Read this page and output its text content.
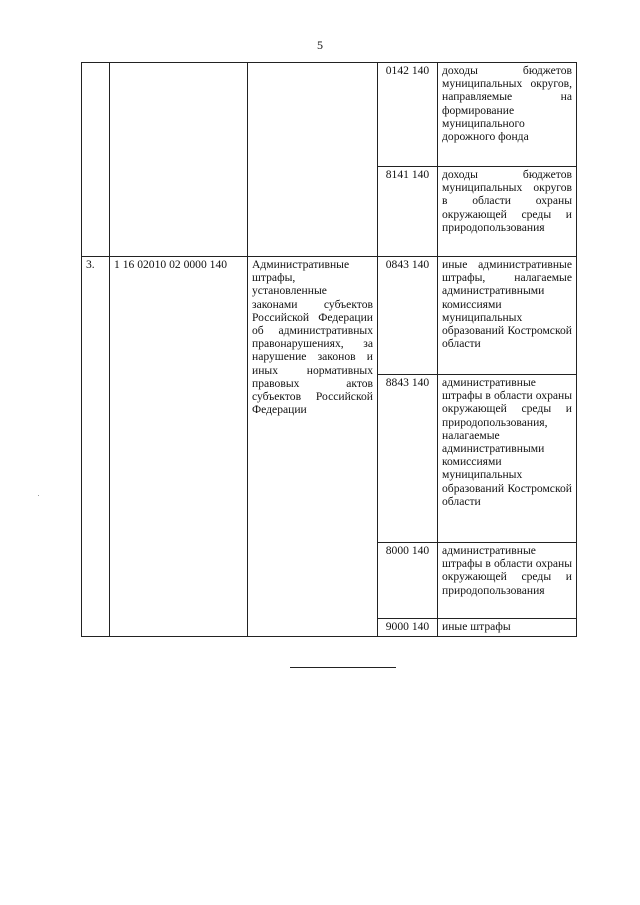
5
			0142 140	доходы бюджетов муниципальных округов, направляемые на формирование муниципального дорожного фонда
			8141 140	доходы бюджетов муниципальных округов в области охраны окружающей среды и природопользования
3.	1 16 02010 02 0000 140	Административные штрафы, установленные законами субъектов Российской Федерации об административных правонарушениях, за нарушение законов и иных нормативных правовых актов субъектов Российской Федерации	0843 140	иные административные штрафы, налагаемые административными комиссиями муниципальных образований Костромской области
			8843 140	административные штрафы в области охраны окружающей среды и природопользования, налагаемые административными комиссиями муниципальных образований Костромской области
			8000 140	административные штрафы в области охраны окружающей среды и природопользования
			9000 140	иные штрафы
